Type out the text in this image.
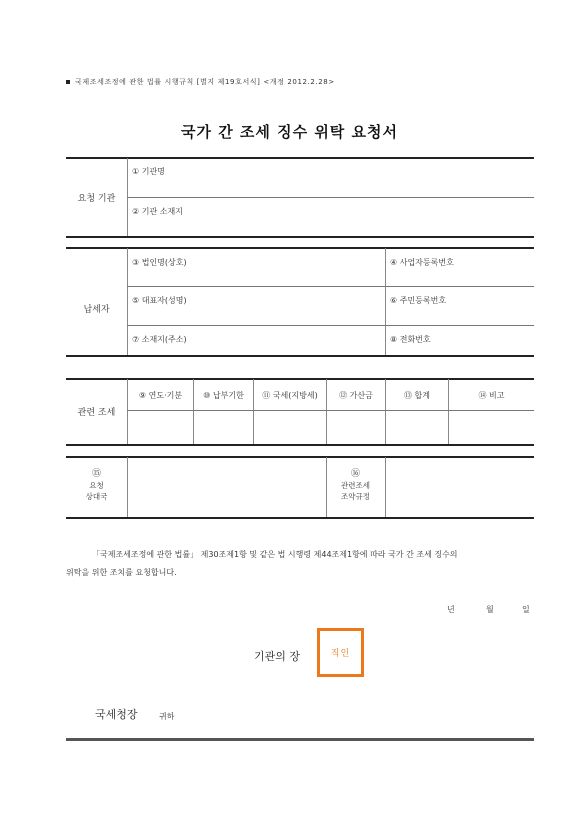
국제조세조정에 관한 법률 시행규칙 [별지 제19호서식] <개정 2012.2.28>
국가 간 조세 징수 위탁 요청서
요청 기관
① 기관명
② 기관 소재지
납세자
③ 법인명(상호)	④ 사업자등록번호
⑤ 대표자(성명)	⑥ 주민등록번호
⑦ 소재지(주소)	⑧ 전화번호
관련 조세
⑨ 연도·기분	⑩ 납부기한	⑪ 국세(지방세)	⑫ 가산금	⑬ 합계	⑭ 비고
⑮
요청
상대국
⑯
관련조세
조약규정
「국제조세조정에 관한 법률」 제30조제1항 및 같은 법 시행령 제44조제1항에 따라 국가 간 조세 징수의
위탁을 위한 조치를 요청합니다.
년	월	일
기관의 장	직인
국세청장	귀하
